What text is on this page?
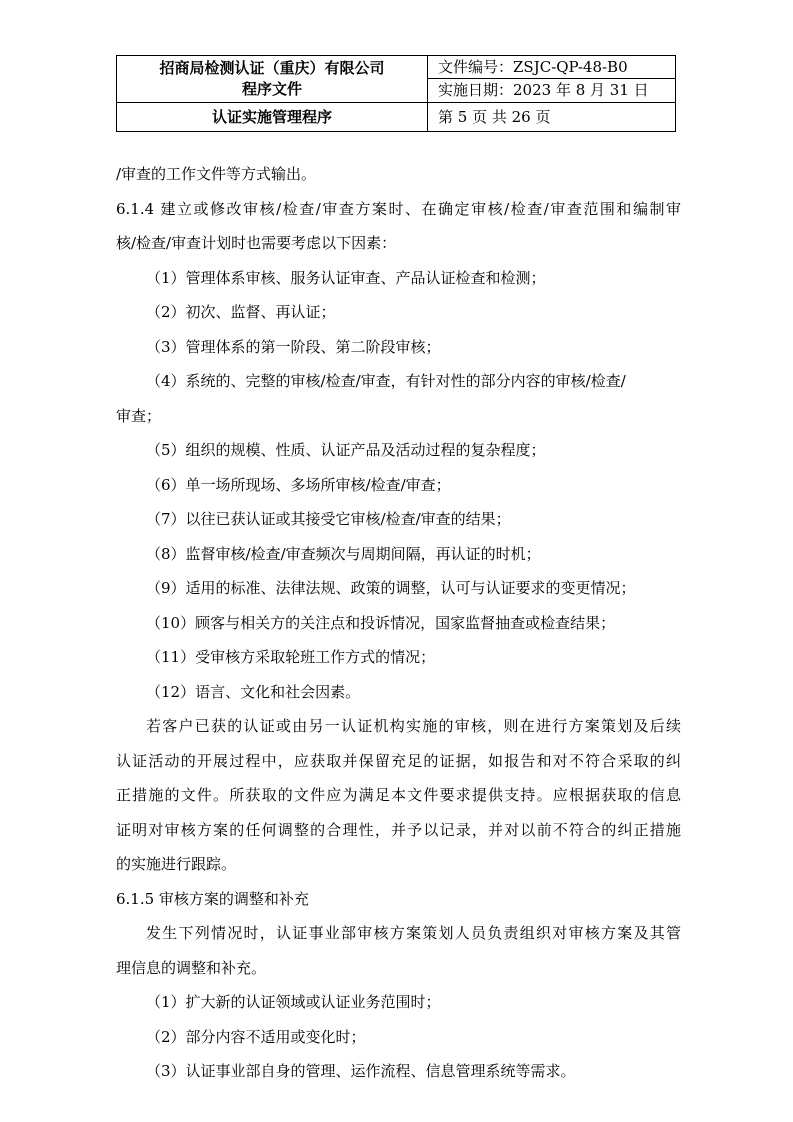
招商局检测认证（重庆）有限公司
程序文件	文件编号：ZSJC-QP-48-B0
	实施日期：2023 年 8 月 31 日
认证实施管理程序	第 5 页 共 26 页
/审查的工作文件等方式输出。
6.1.4 建立或修改审核/检查/审查方案时、在确定审核/检查/审查范围和编制审
核/检查/审查计划时也需要考虑以下因素：
（1）管理体系审核、服务认证审查、产品认证检查和检测；
（2）初次、监督、再认证；
（3）管理体系的第一阶段、第二阶段审核；
（4）系统的、完整的审核/检查/审查，有针对性的部分内容的审核/检查/
审查；
（5）组织的规模、性质、认证产品及活动过程的复杂程度；
（6）单一场所现场、多场所审核/检查/审查；
（7）以往已获认证或其接受它审核/检查/审查的结果；
（8）监督审核/检查/审查频次与周期间隔，再认证的时机；
（9）适用的标准、法律法规、政策的调整，认可与认证要求的变更情况；
（10）顾客与相关方的关注点和投诉情况，国家监督抽查或检查结果；
（11）受审核方采取轮班工作方式的情况；
（12）语言、文化和社会因素。
若客户已获的认证或由另一认证机构实施的审核，则在进行方案策划及后续
认证活动的开展过程中，应获取并保留充足的证据，如报告和对不符合采取的纠
正措施的文件。所获取的文件应为满足本文件要求提供支持。应根据获取的信息
证明对审核方案的任何调整的合理性，并予以记录，并对以前不符合的纠正措施
的实施进行跟踪。
6.1.5 审核方案的调整和补充
发生下列情况时，认证事业部审核方案策划人员负责组织对审核方案及其管
理信息的调整和补充。
（1）扩大新的认证领域或认证业务范围时；
（2）部分内容不适用或变化时；
（3）认证事业部自身的管理、运作流程、信息管理系统等需求。
